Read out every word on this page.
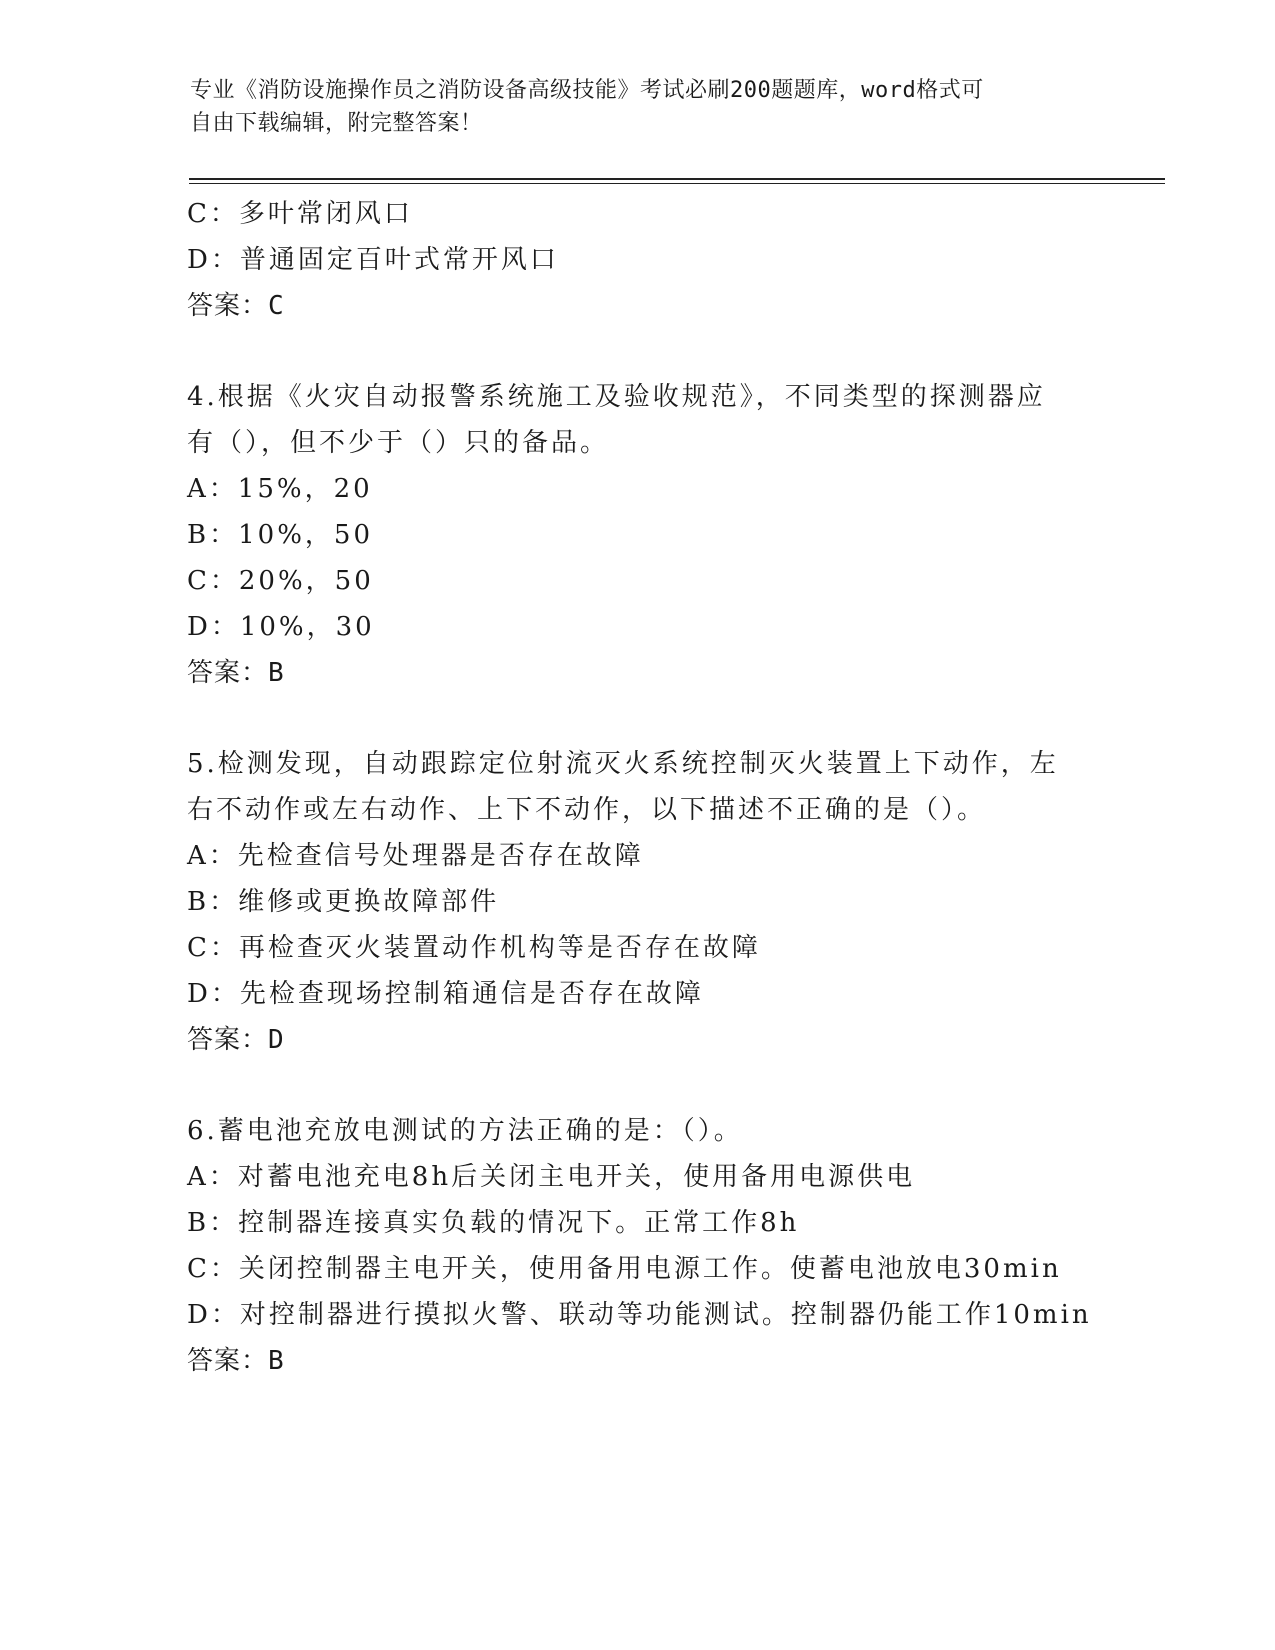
专业《消防设施操作员之消防设备高级技能》考试必刷200题题库，word格式可
自由下载编辑，附完整答案！
C：多叶常闭风口
D：普通固定百叶式常开风口
答案：C
4.根据《火灾自动报警系统施工及验收规范》，不同类型的探测器应
有（），但不少于（）只的备品。
A：15%，20
B：10%，50
C：20%，50
D：10%，30
答案：B
5.检测发现，自动跟踪定位射流灭火系统控制灭火装置上下动作，左
右不动作或左右动作、上下不动作，以下描述不正确的是（）。
A：先检查信号处理器是否存在故障
B：维修或更换故障部件
C：再检查灭火装置动作机构等是否存在故障
D：先检查现场控制箱通信是否存在故障
答案：D
6.蓄电池充放电测试的方法正确的是：（）。
A：对蓄电池充电8h后关闭主电开关，使用备用电源供电
B：控制器连接真实负载的情况下。正常工作8h
C：关闭控制器主电开关，使用备用电源工作。使蓄电池放电30min
D：对控制器进行摸拟火警、联动等功能测试。控制器仍能工作10min
答案：B
